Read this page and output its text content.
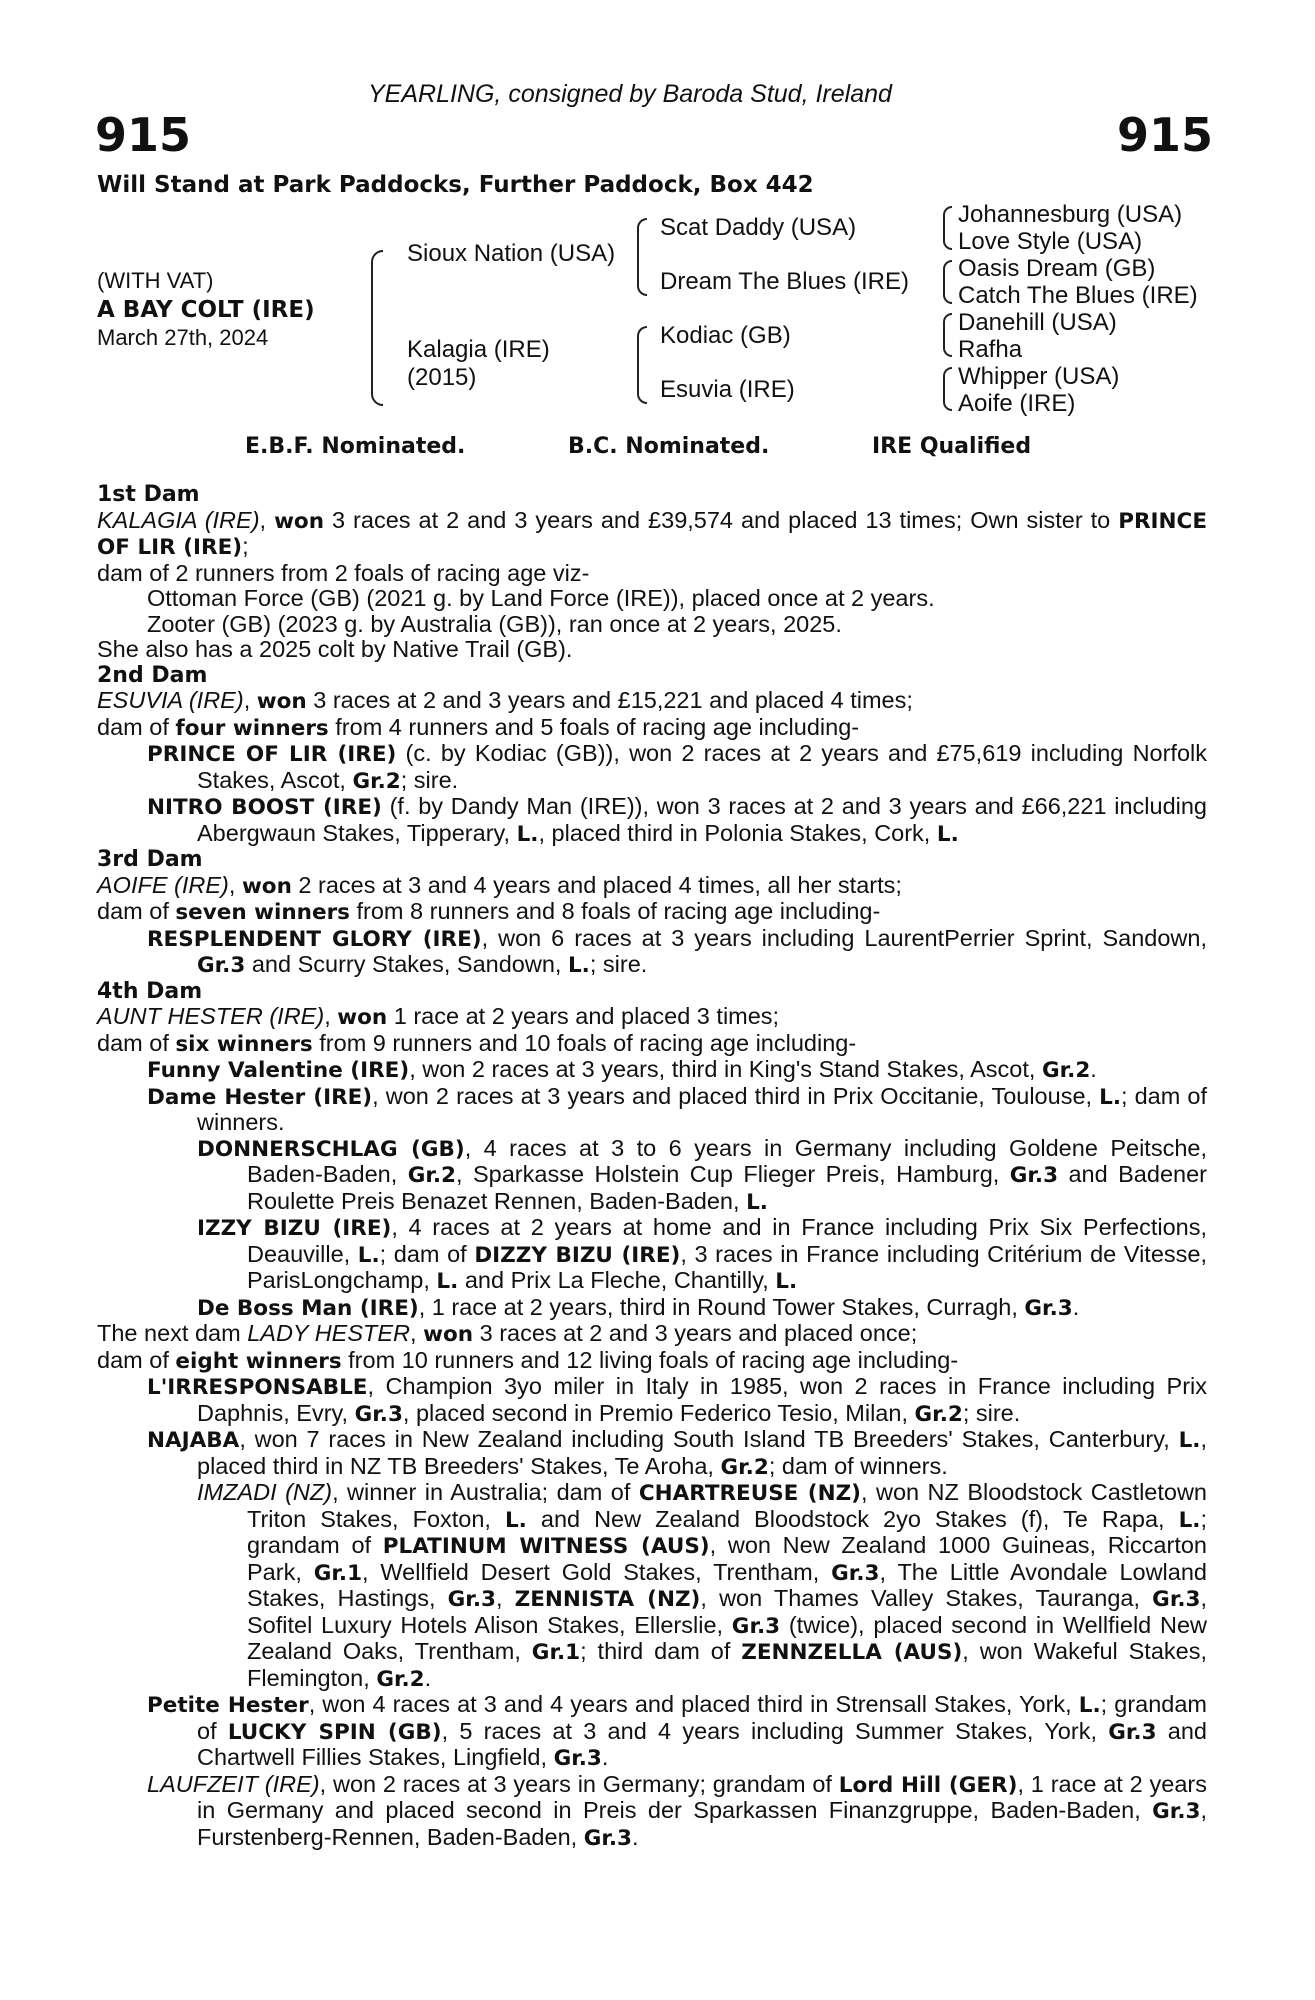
YEARLING, consigned by Baroda Stud, Ireland
915	915
Will Stand at Park Paddocks, Further Paddock, Box 442
(WITH VAT)
A BAY COLT (IRE)
March 27th, 2024
Sioux Nation (USA)
Kalagia (IRE)
(2015)
Scat Daddy (USA)
Dream The Blues (IRE)
Kodiac (GB)
Esuvia (IRE)
Johannesburg (USA)
Love Style (USA)
Oasis Dream (GB)
Catch The Blues (IRE)
Danehill (USA)
Rafha
Whipper (USA)
Aoife (IRE)
E.B.F. Nominated.	B.C. Nominated.	IRE Qualified

1st Dam

KALAGIA (IRE), won 3 races at 2 and 3 years and £39,574 and placed 13 times; Own sister to PRINCE OF LIR (IRE);

dam of 2 runners from 2 foals of racing age viz-

Ottoman Force (GB) (2021 g. by Land Force (IRE)), placed once at 2 years.

Zooter (GB) (2023 g. by Australia (GB)), ran once at 2 years, 2025.

She also has a 2025 colt by Native Trail (GB).

2nd Dam

ESUVIA (IRE), won 3 races at 2 and 3 years and £15,221 and placed 4 times;

dam of four winners from 4 runners and 5 foals of racing age including-

PRINCE OF LIR (IRE) (c. by Kodiac (GB)), won 2 races at 2 years and £75,619 including Norfolk Stakes, Ascot, Gr.2; sire.

NITRO BOOST (IRE) (f. by Dandy Man (IRE)), won 3 races at 2 and 3 years and £66,221 including Abergwaun Stakes, Tipperary, L., placed third in Polonia Stakes, Cork, L.

3rd Dam

AOIFE (IRE), won 2 races at 3 and 4 years and placed 4 times, all her starts;

dam of seven winners from 8 runners and 8 foals of racing age including-

RESPLENDENT GLORY (IRE), won 6 races at 3 years including LaurentPerrier Sprint, Sandown, Gr.3 and Scurry Stakes, Sandown, L.; sire.

4th Dam

AUNT HESTER (IRE), won 1 race at 2 years and placed 3 times;

dam of six winners from 9 runners and 10 foals of racing age including-

Funny Valentine (IRE), won 2 races at 3 years, third in King's Stand Stakes, Ascot, Gr.2.

Dame Hester (IRE), won 2 races at 3 years and placed third in Prix Occitanie, Toulouse, L.; dam of winners.

DONNERSCHLAG (GB), 4 races at 3 to 6 years in Germany including Goldene Peitsche, Baden-Baden, Gr.2, Sparkasse Holstein Cup Flieger Preis, Hamburg, Gr.3 and Badener Roulette Preis Benazet Rennen, Baden-Baden, L.

IZZY BIZU (IRE), 4 races at 2 years at home and in France including Prix Six Perfections, Deauville, L.; dam of DIZZY BIZU (IRE), 3 races in France including Critérium de Vitesse, ParisLongchamp, L. and Prix La Fleche, Chantilly, L.

De Boss Man (IRE), 1 race at 2 years, third in Round Tower Stakes, Curragh, Gr.3.

The next dam LADY HESTER, won 3 races at 2 and 3 years and placed once;

dam of eight winners from 10 runners and 12 living foals of racing age including-

L'IRRESPONSABLE, Champion 3yo miler in Italy in 1985, won 2 races in France including Prix Daphnis, Evry, Gr.3, placed second in Premio Federico Tesio, Milan, Gr.2; sire.

NAJABA, won 7 races in New Zealand including South Island TB Breeders' Stakes, Canterbury, L., placed third in NZ TB Breeders' Stakes, Te Aroha, Gr.2; dam of winners.

IMZADI (NZ), winner in Australia; dam of CHARTREUSE (NZ), won NZ Bloodstock Castletown Triton Stakes, Foxton, L. and New Zealand Bloodstock 2yo Stakes (f), Te Rapa, L.; grandam of PLATINUM WITNESS (AUS), won New Zealand 1000 Guineas, Riccarton Park, Gr.1, Wellfield Desert Gold Stakes, Trentham, Gr.3, The Little Avondale Lowland Stakes, Hastings, Gr.3, ZENNISTA (NZ), won Thames Valley Stakes, Tauranga, Gr.3, Sofitel Luxury Hotels Alison Stakes, Ellerslie, Gr.3 (twice), placed second in Wellfield New Zealand Oaks, Trentham, Gr.1; third dam of ZENNZELLA (AUS), won Wakeful Stakes, Flemington, Gr.2.

Petite Hester, won 4 races at 3 and 4 years and placed third in Strensall Stakes, York, L.; grandam of LUCKY SPIN (GB), 5 races at 3 and 4 years including Summer Stakes, York, Gr.3 and Chartwell Fillies Stakes, Lingfield, Gr.3.

LAUFZEIT (IRE), won 2 races at 3 years in Germany; grandam of Lord Hill (GER), 1 race at 2 years in Germany and placed second in Preis der Sparkassen Finanzgruppe, Baden-Baden, Gr.3, Furstenberg-Rennen, Baden-Baden, Gr.3.
